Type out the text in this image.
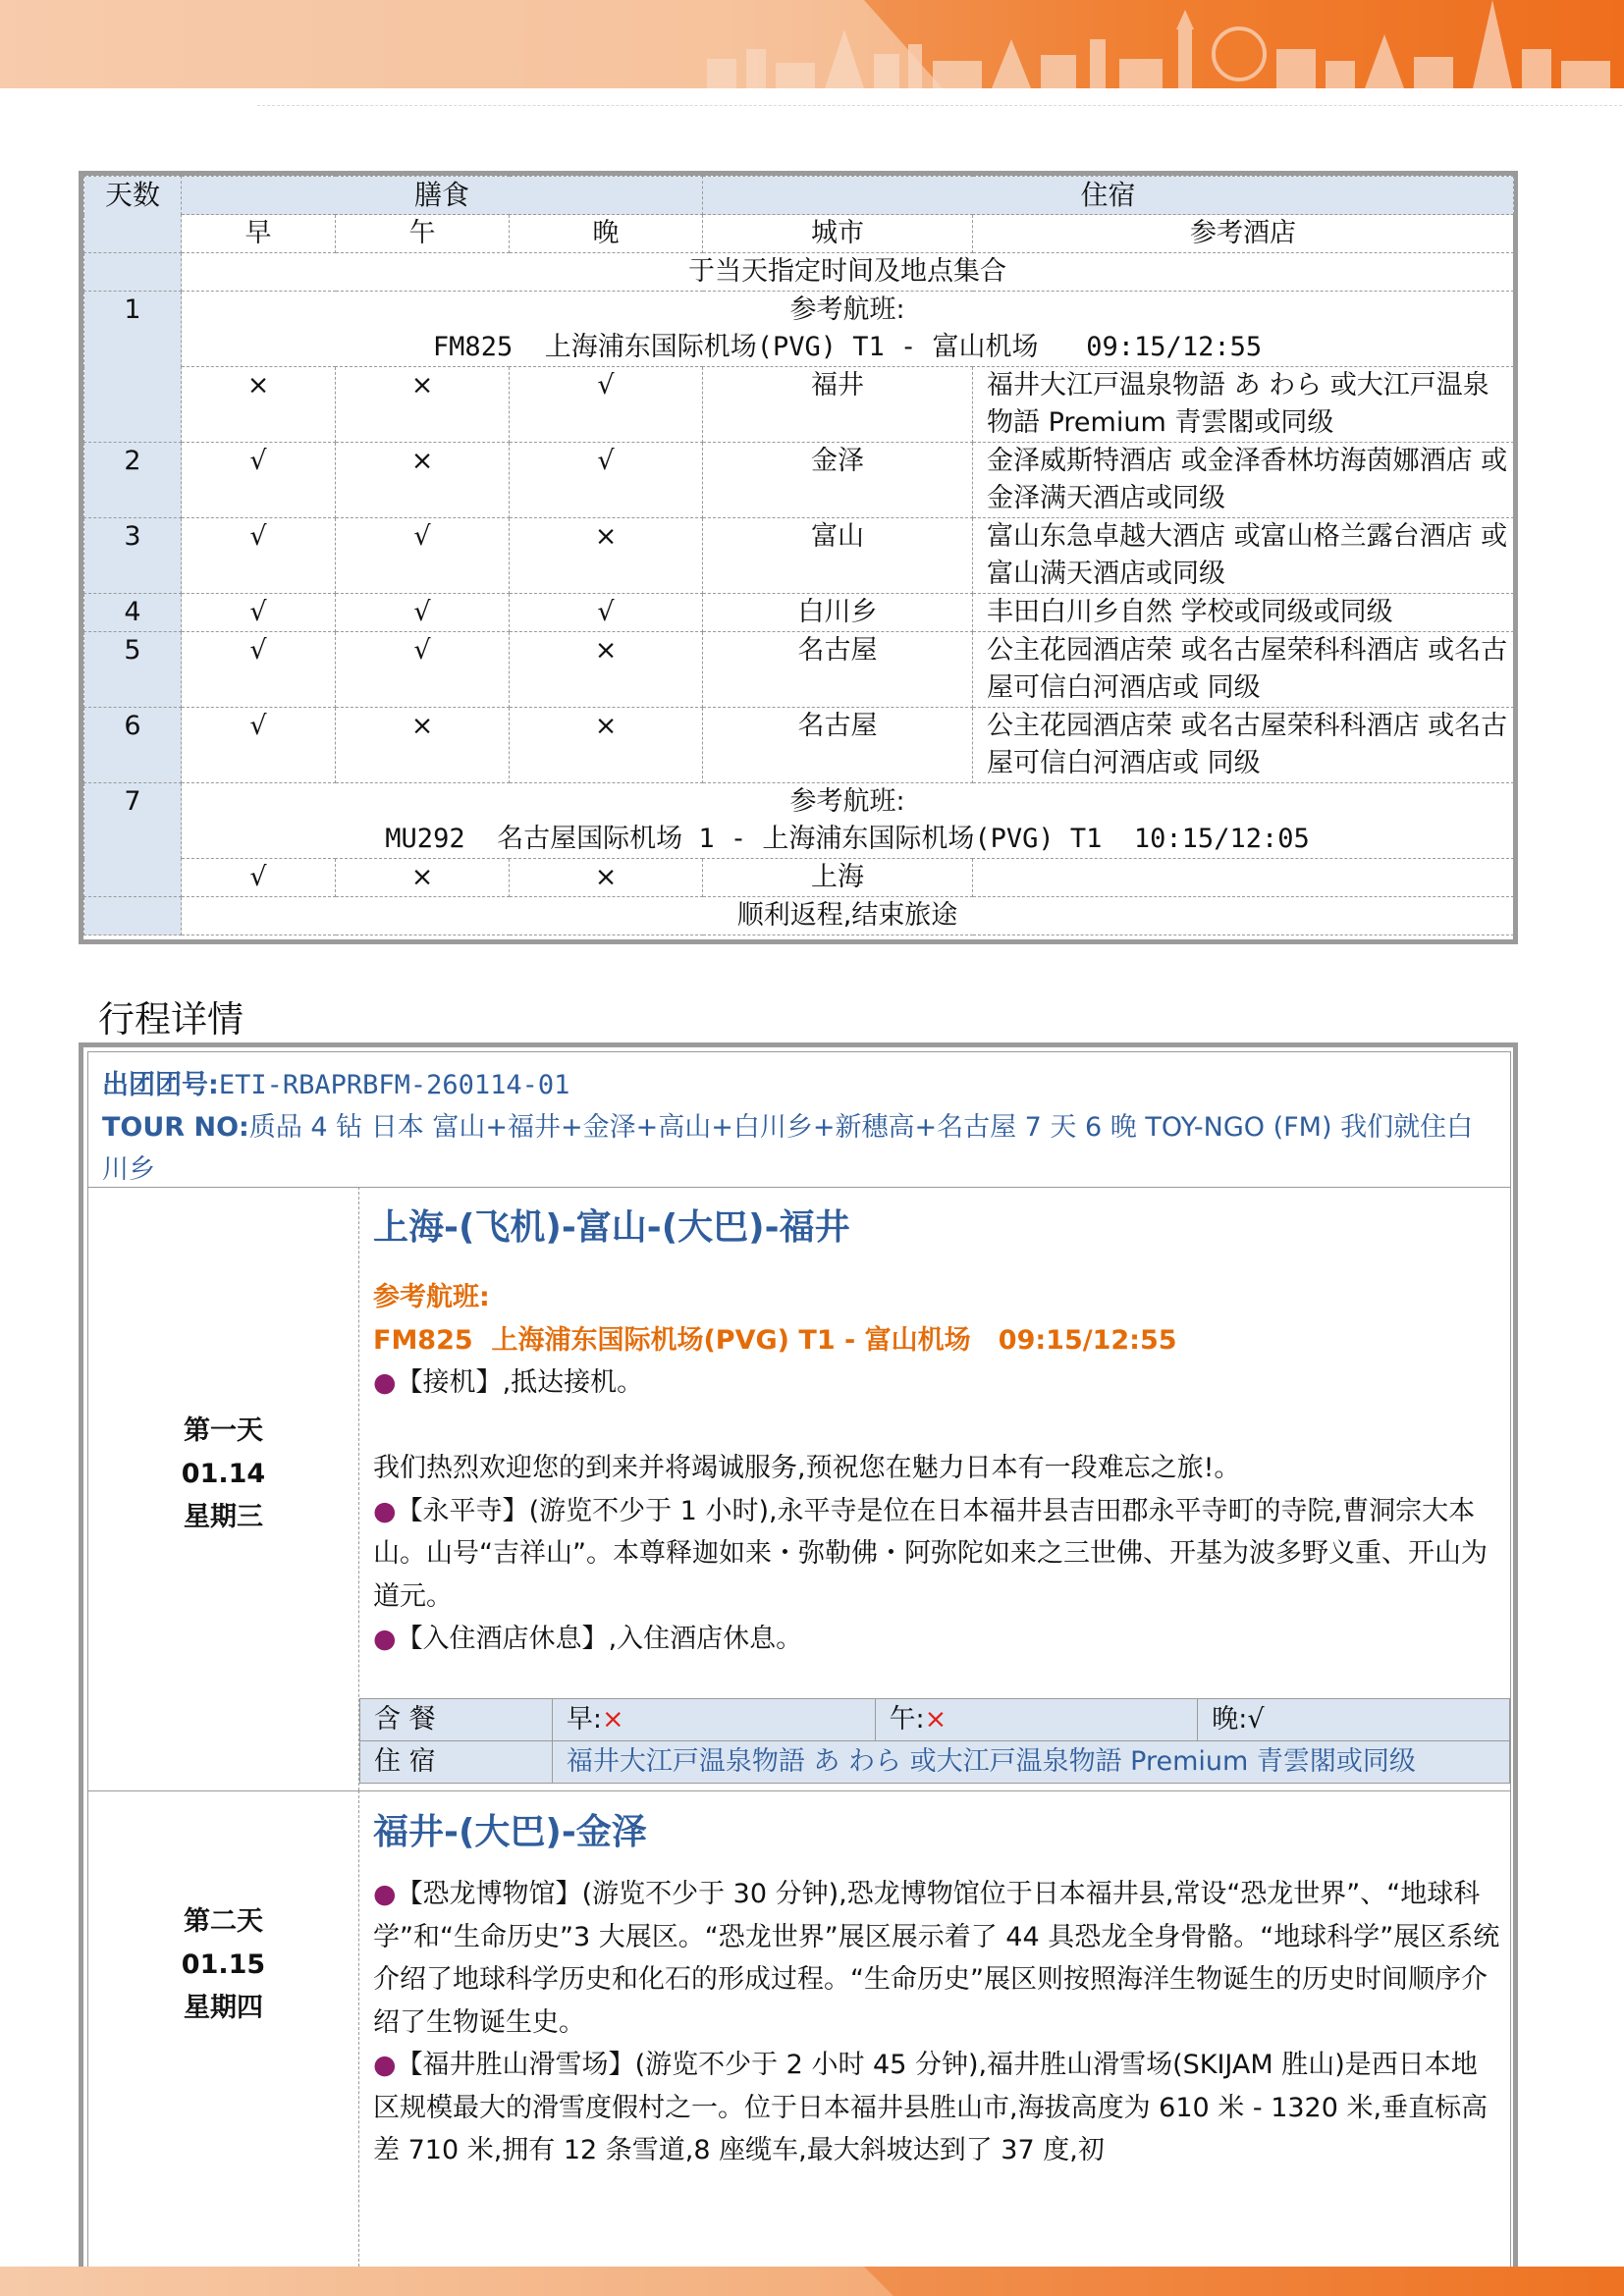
天数	膳食			住宿	
	早	午	晚	城市	参考酒店
	于当天指定时间及地点集合				
1	参考航班:
FM825  上海浦东国际机场(PVG) T1 - 富山机场   09:15/12:55				

	×	×	√	福井	福井大江戸温泉物語 あ わら 或大江戸温泉物語 Premium 青雲閣或同级
2	√	×	√	金泽	金泽威斯特酒店 或金泽香林坊海茵娜酒店 或金泽满天酒店或同级
3	√	√	×	富山	富山东急卓越大酒店 或富山格兰露台酒店 或富山满天酒店或同级
4	√	√	√	白川乡	丰田白川乡自然 学校或同级或同级
5	√	√	×	名古屋	公主花园酒店荣 或名古屋荣科科酒店 或名古屋可信白河酒店或 同级
6	√	×	×	名古屋	公主花园酒店荣 或名古屋荣科科酒店 或名古屋可信白河酒店或 同级
7	参考航班:
MU292  名古屋国际机场 1 - 上海浦东国际机场(PVG) T1  10:15/12:05				

	√	×	×	上海	
	顺利返程,结束旅途				
行程详情
出团团号:ETI-RBAPRBFM-260114-01
TOUR NO:质品 4 钻 日本 富山+福井+金泽+高山+白川乡+新穗高+名古屋 7 天 6 晚 TOY-NGO (FM) 我们就住白川乡
第一天
01.14
星期三
上海-(飞机)-富山-(大巴)-福井

参考航班:

FM825  上海浦东国际机场(PVG) T1 - 富山机场   09:15/12:55

●【接机】,抵达接机。

我们热烈欢迎您的到来并将竭诚服务,预祝您在魅力日本有一段难忘之旅!。

●【永平寺】(游览不少于 1 小时),永平寺是位在日本福井县吉田郡永平寺町的寺院,曹洞宗大本山。山号“吉祥山”。本尊释迦如来・弥勒佛・阿弥陀如来之三世佛、开基为波多野义重、开山为道元。

●【入住酒店休息】,入住酒店休息。

含 餐	早:×	午:×	晚:√
住 宿	福井大江戸温泉物語 あ わら 或大江戸温泉物語 Premium 青雲閣或同级		
第二天
01.15
星期四
福井-(大巴)-金泽

●【恐龙博物馆】(游览不少于 30 分钟),恐龙博物馆位于日本福井县,常设“恐龙世界”、“地球科学”和“生命历史”3 大展区。“恐龙世界”展区展示着了 44 具恐龙全身骨骼。“地球科学”展区系统介绍了地球科学历史和化石的形成过程。“生命历史”展区则按照海洋生物诞生的历史时间顺序介绍了生物诞生史。

●【福井胜山滑雪场】(游览不少于 2 小时 45 分钟),福井胜山滑雪场(SKIJAM 胜山)是西日本地区规模最大的滑雪度假村之一。位于日本福井县胜山市,海拔高度为 610 米 - 1320 米,垂直标高差 710 米,拥有 12 条雪道,8 座缆车,最大斜坡达到了 37 度,初
